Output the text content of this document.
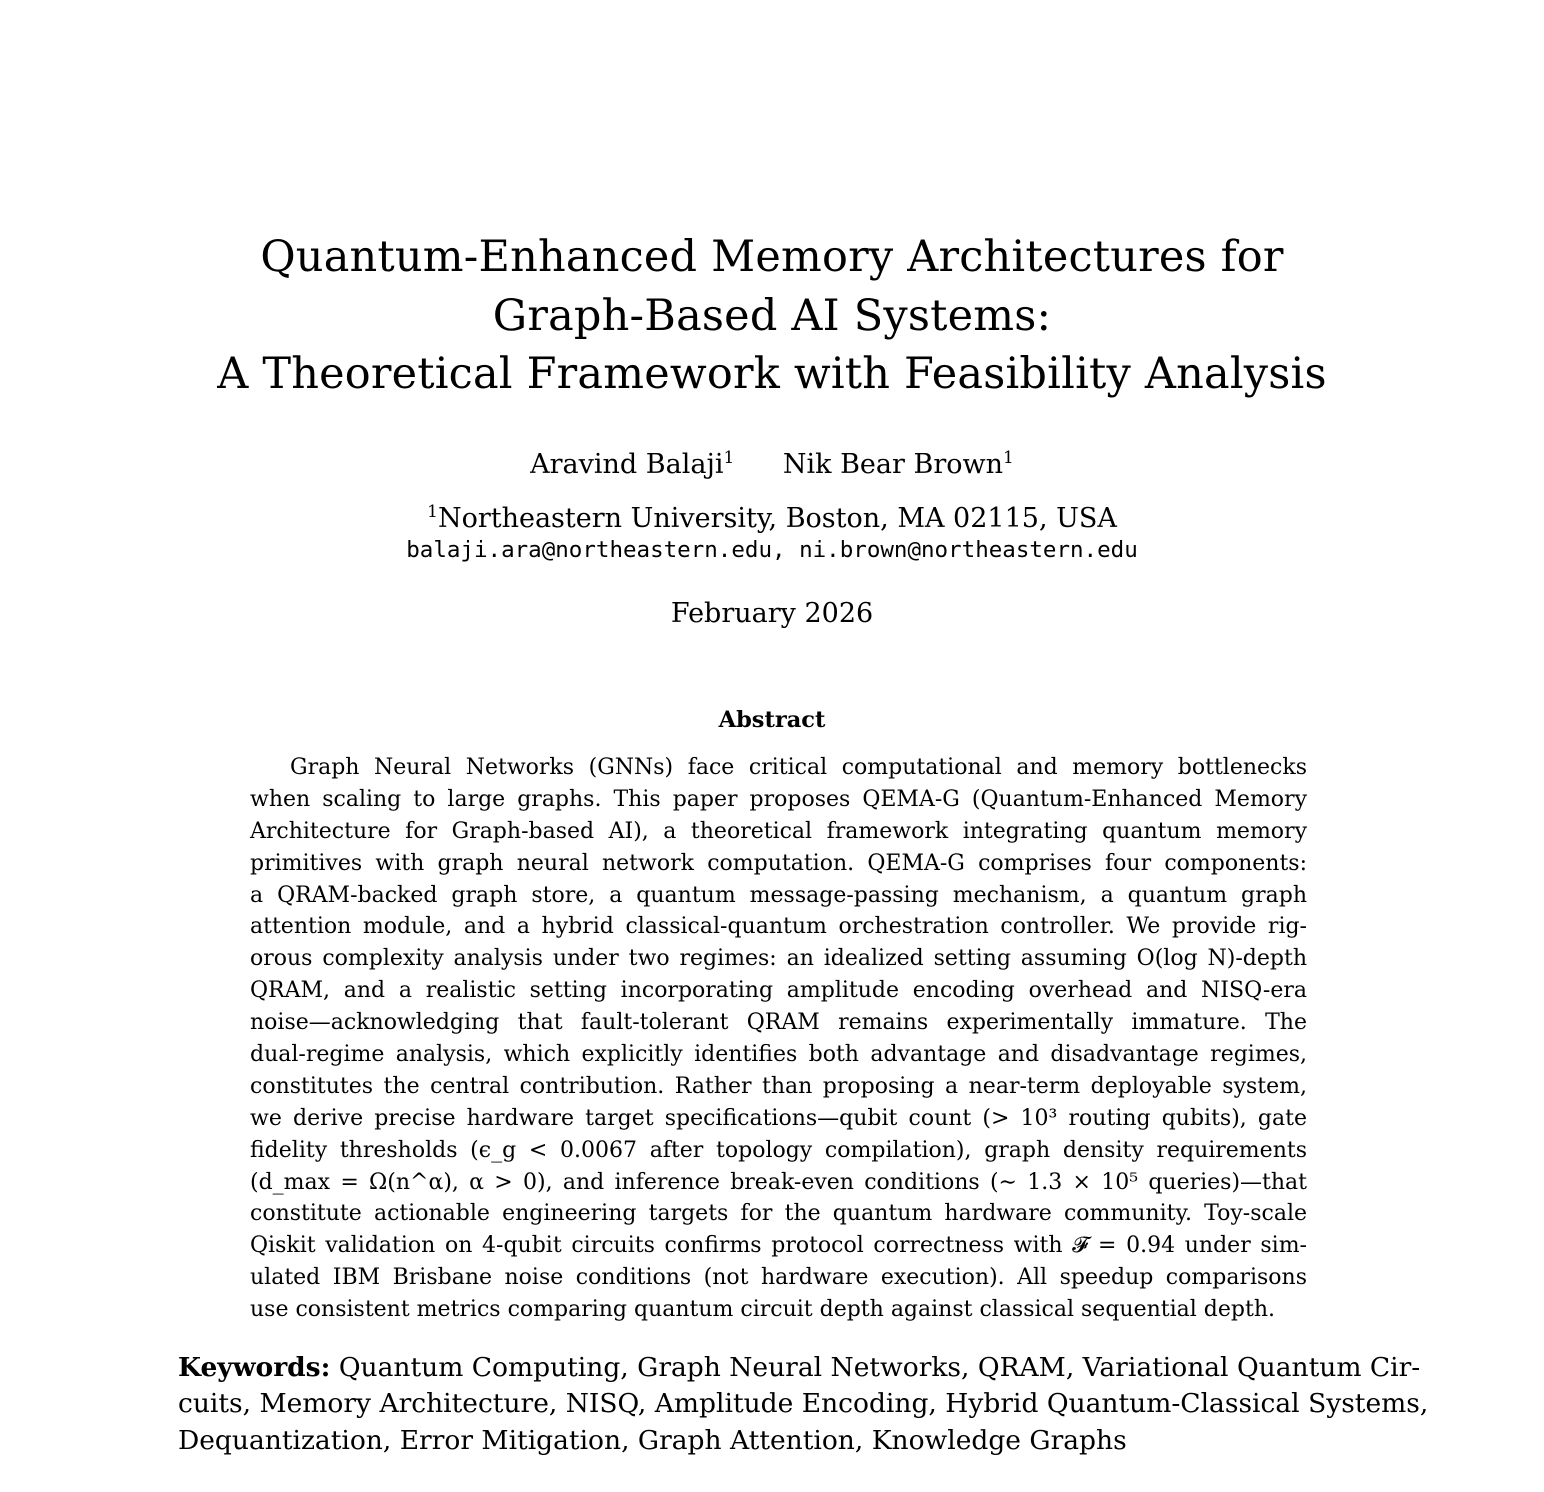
Quantum-Enhanced Memory Architectures for
Graph-Based AI Systems:
A Theoretical Framework with Feasibility Analysis
Aravind Balaji$^1$ Nik Bear Brown$^1$
$^1$Northeastern University, Boston, MA 02115, USA
balaji.ara@northeastern.edu, ni.brown@northeastern.edu
February 2026
Abstract
Graph Neural Networks (GNNs) face critical computational and memory bottlenecks
when scaling to large graphs. This paper proposes QEMA-G (Quantum-Enhanced Memory
Architecture for Graph-based AI), a theoretical framework integrating quantum memory
primitives with graph neural network computation. QEMA-G comprises four components:
a QRAM-backed graph store, a quantum message-passing mechanism, a quantum graph
attention module, and a hybrid classical-quantum orchestration controller. We provide rig-
orous complexity analysis under two regimes: an idealized setting assuming O(log N)-depth
QRAM, and a realistic setting incorporating amplitude encoding overhead and NISQ-era
noise—acknowledging that fault-tolerant QRAM remains experimentally immature. The
dual-regime analysis, which explicitly identifies both advantage and disadvantage regimes,
constitutes the central contribution. Rather than proposing a near-term deployable system,
we derive precise hardware target specifications—qubit count (> 10³ routing qubits), gate
fidelity thresholds (ϵ_g < 0.0067 after topology compilation), graph density requirements
(d_max = Ω(n^α), α > 0), and inference break-even conditions (∼ 1.3 × 10⁵ queries)—that
constitute actionable engineering targets for the quantum hardware community. Toy-scale
Qiskit validation on 4-qubit circuits confirms protocol correctness with 𝓕 = 0.94 under sim-
ulated IBM Brisbane noise conditions (not hardware execution). All speedup comparisons
use consistent metrics comparing quantum circuit depth against classical sequential depth.
Keywords: Quantum Computing, Graph Neural Networks, QRAM, Variational Quantum Cir-
cuits, Memory Architecture, NISQ, Amplitude Encoding, Hybrid Quantum-Classical Systems,
Dequantization, Error Mitigation, Graph Attention, Knowledge Graphs
